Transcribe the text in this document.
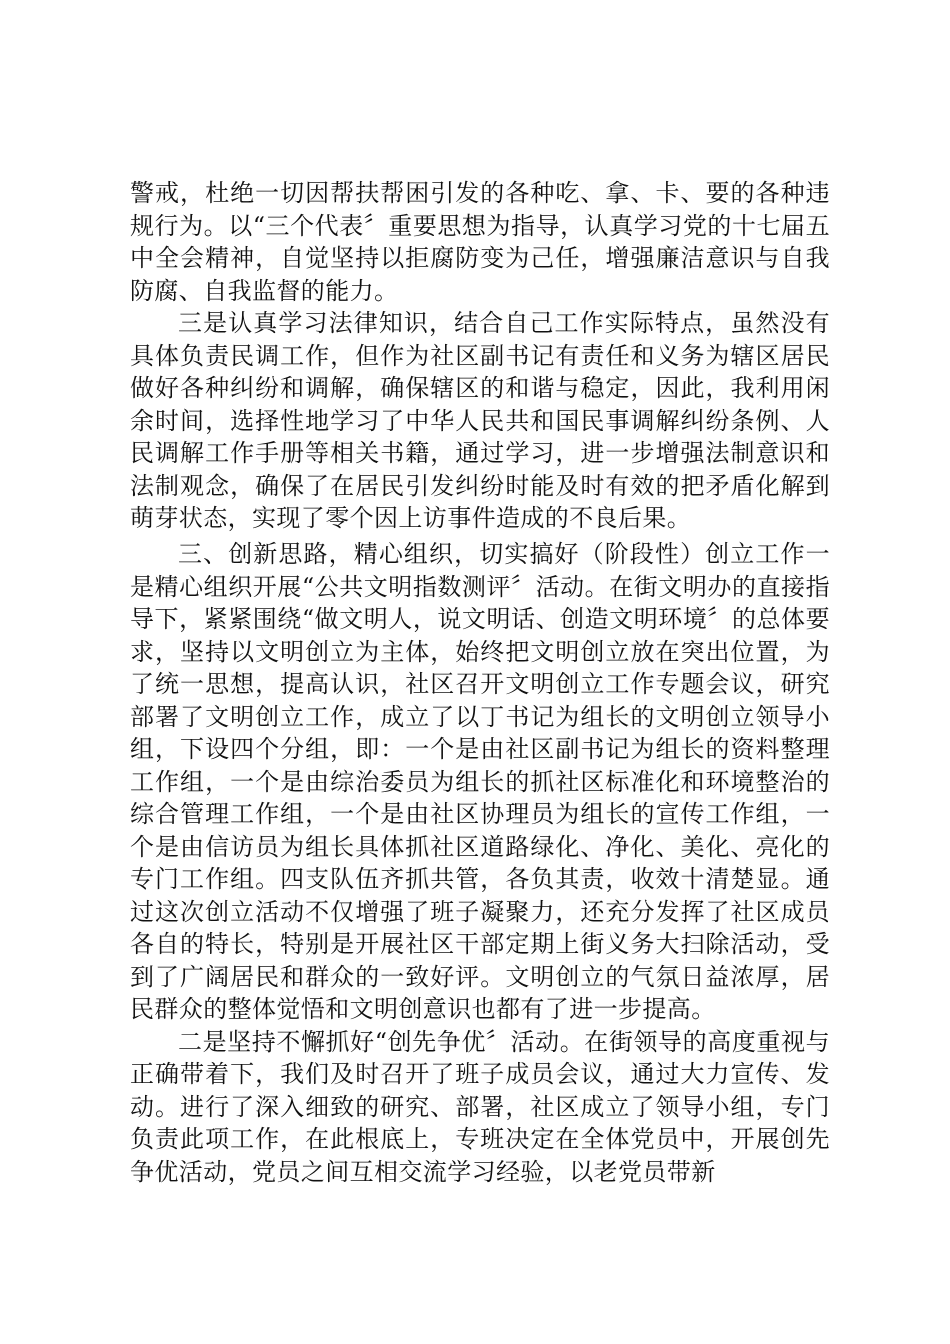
警戒，杜绝一切因帮扶帮困引发的各种吃、拿、卡、要的各种违规行为。以“三个代表〞重要思想为指导，认真学习党的十七届五中全会精神，自觉坚持以拒腐防变为己任，增强廉洁意识与自我防腐、自我监督的能力。

三是认真学习法律知识，结合自己工作实际特点，虽然没有具体负责民调工作，但作为社区副书记有责任和义务为辖区居民做好各种纠纷和调解，确保辖区的和谐与稳定，因此，我利用闲余时间，选择性地学习了中华人民共和国民事调解纠纷条例、人民调解工作手册等相关书籍，通过学习，进一步增强法制意识和法制观念，确保了在居民引发纠纷时能及时有效的把矛盾化解到萌芽状态，实现了零个因上访事件造成的不良后果。

三、创新思路，精心组织，切实搞好（阶段性）创立工作一是精心组织开展“公共文明指数测评〞活动。在街文明办的直接指导下，紧紧围绕“做文明人，说文明话、创造文明环境〞的总体要求，坚持以文明创立为主体，始终把文明创立放在突出位置，为了统一思想，提高认识，社区召开文明创立工作专题会议，研究部署了文明创立工作，成立了以丁书记为组长的文明创立领导小组，下设四个分组，即：一个是由社区副书记为组长的资料整理工作组，一个是由综治委员为组长的抓社区标准化和环境整治的综合管理工作组，一个是由社区协理员为组长的宣传工作组，一个是由信访员为组长具体抓社区道路绿化、净化、美化、亮化的专门工作组。四支队伍齐抓共管，各负其责，收效十清楚显。通过这次创立活动不仅增强了班子凝聚力，还充分发挥了社区成员各自的特长，特别是开展社区干部定期上街义务大扫除活动，受到了广阔居民和群众的一致好评。文明创立的气氛日益浓厚，居民群众的整体觉悟和文明创意识也都有了进一步提高。

二是坚持不懈抓好“创先争优〞活动。在街领导的高度重视与正确带着下，我们及时召开了班子成员会议，通过大力宣传、发动。进行了深入细致的研究、部署，社区成立了领导小组，专门负责此项工作，在此根底上，专班决定在全体党员中，开展创先争优活动，党员之间互相交流学习经验，以老党员带新
